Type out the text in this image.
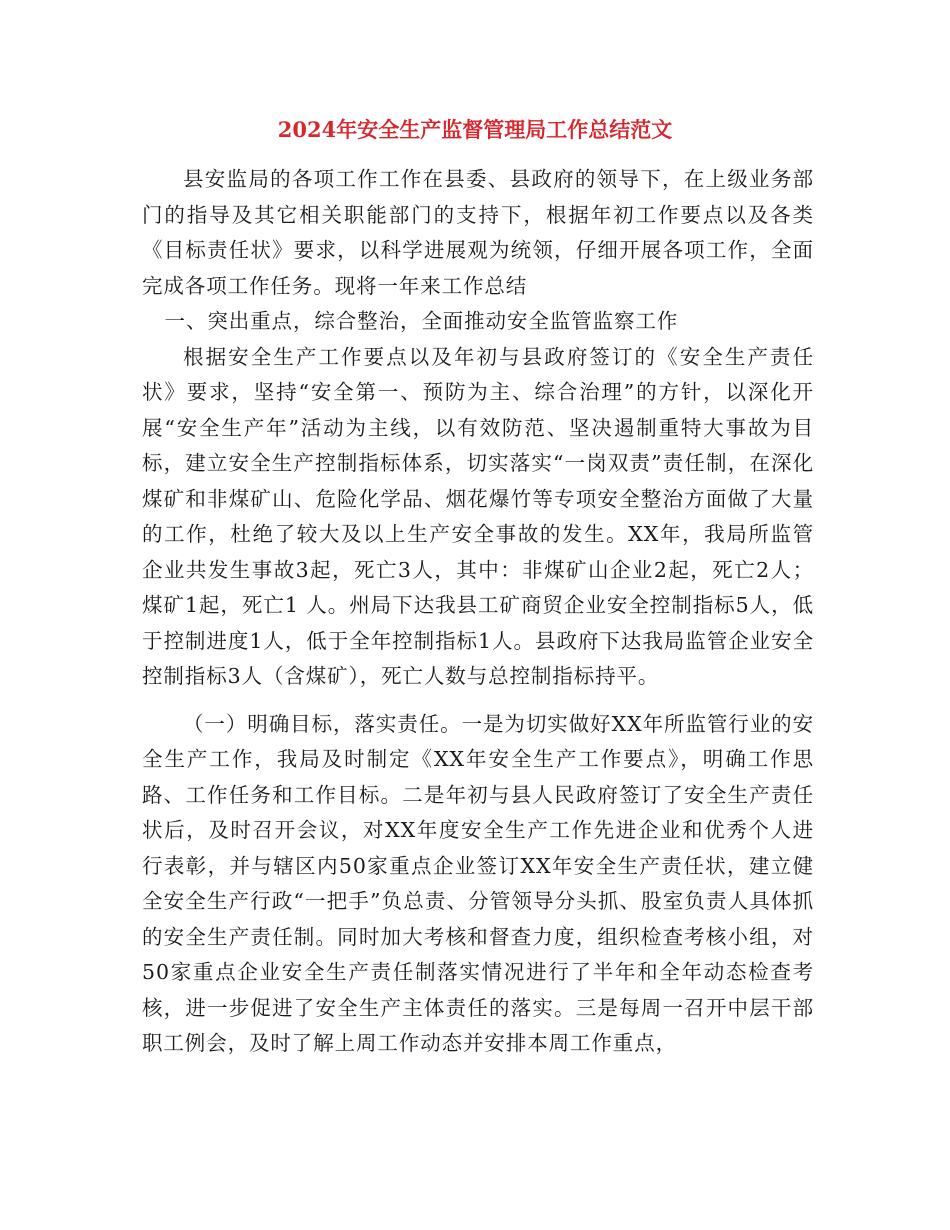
2024年安全生产监督管理局工作总结范文

县安监局的各项工作工作在县委、县政府的领导下，在上级业务部门的指导及其它相关职能部门的支持下，根据年初工作要点以及各类《目标责任状》要求，以科学进展观为统领，仔细开展各项工作，全面完成各项工作任务。现将一年来工作总结

一、突出重点，综合整治，全面推动安全监管监察工作

根据安全生产工作要点以及年初与县政府签订的《安全生产责任状》要求，坚持“安全第一、预防为主、综合治理”的方针，以深化开展“安全生产年”活动为主线，以有效防范、坚决遏制重特大事故为目标，建立安全生产控制指标体系，切实落实“一岗双责”责任制，在深化煤矿和非煤矿山、危险化学品、烟花爆竹等专项安全整治方面做了大量的工作，杜绝了较大及以上生产安全事故的发生。XX年，我局所监管企业共发生事故3起，死亡3人，其中：非煤矿山企业2起，死亡2人；煤矿1起，死亡1 人。州局下达我县工矿商贸企业安全控制指标5人，低于控制进度1人，低于全年控制指标1人。县政府下达我局监管企业安全控制指标3人（含煤矿），死亡人数与总控制指标持平。

（一）明确目标，落实责任。一是为切实做好XX年所监管行业的安全生产工作，我局及时制定《XX年安全生产工作要点》，明确工作思路、工作任务和工作目标。二是年初与县人民政府签订了安全生产责任状后，及时召开会议，对XX年度安全生产工作先进企业和优秀个人进行表彰，并与辖区内50家重点企业签订XX年安全生产责任状，建立健全安全生产行政“一把手”负总责、分管领导分头抓、股室负责人具体抓的安全生产责任制。同时加大考核和督查力度，组织检查考核小组，对50家重点企业安全生产责任制落实情况进行了半年和全年动态检查考核，进一步促进了安全生产主体责任的落实。三是每周一召开中层干部职工例会，及时了解上周工作动态并安排本周工作重点，
